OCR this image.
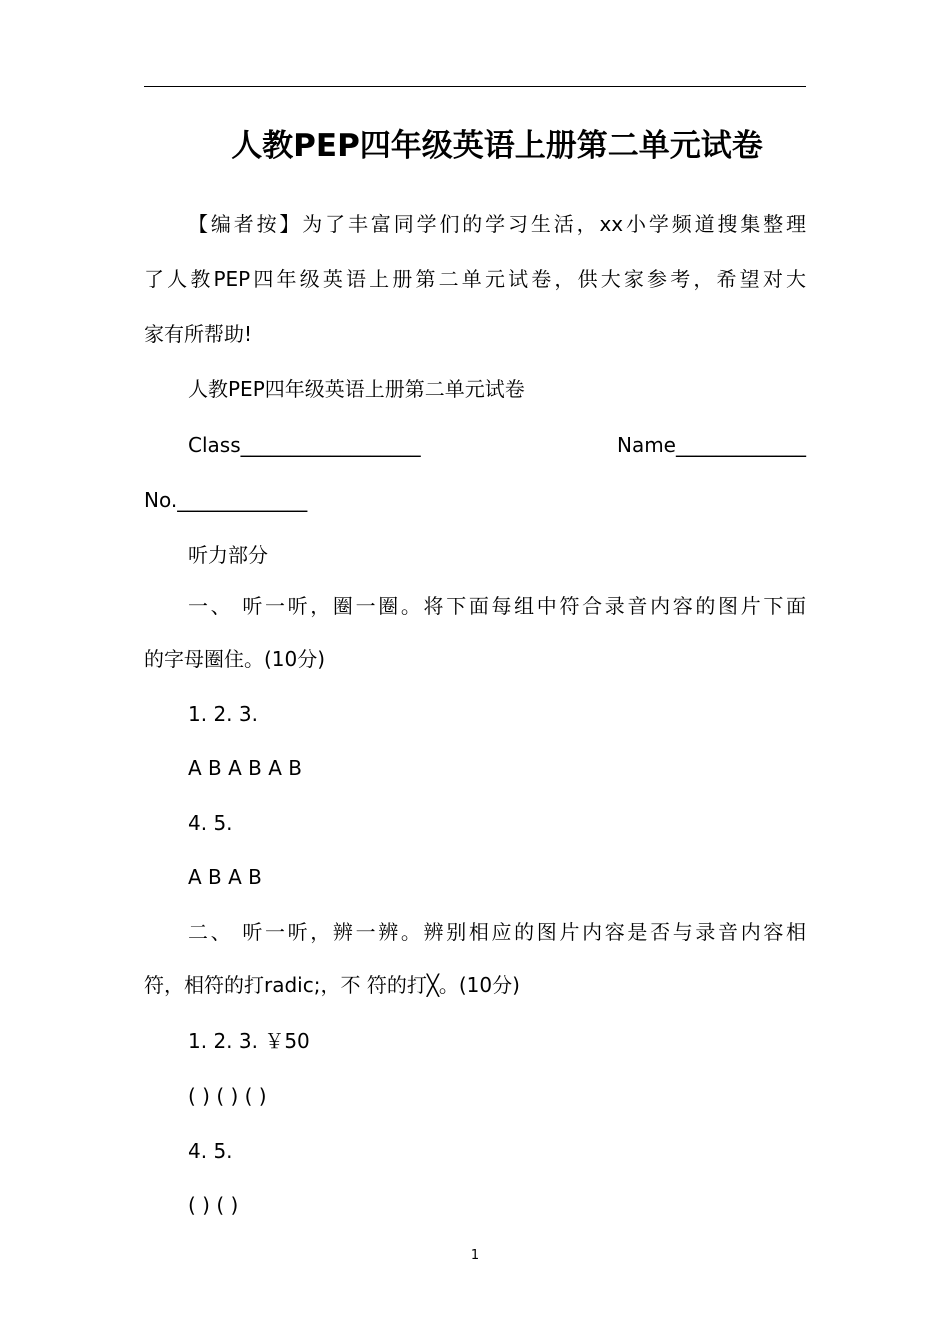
人教PEP四年级英语上册第二单元试卷
【编者按】为了丰富同学们的学习生活，xx小学频道搜集整理
了人教PEP四年级英语上册第二单元试卷，供大家参考，希望对大
家有所帮助!
人教PEP四年级英语上册第二单元试卷
Class__________________	Name_____________
No._____________
听力部分
一、 听一听，圈一圈。将下面每组中符合录音内容的图片下面
的字母圈住。(10分)
1. 2. 3.
A B A B A B
4. 5.
A B A B
二、 听一听，辨一辨。辨别相应的图片内容是否与录音内容相
符，相符的打radic;，不 符的打╳。(10分)
1. 2. 3. ￥50
( ) ( ) ( )
4. 5.
( ) ( )
1
